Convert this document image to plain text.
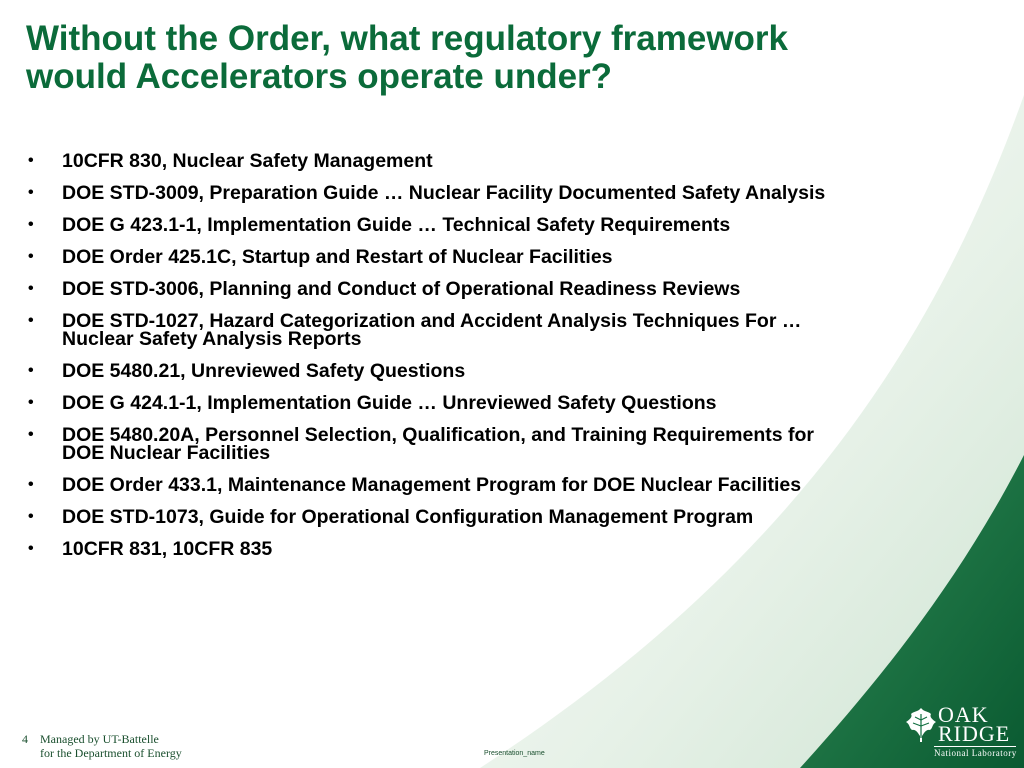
Without the Order, what regulatory framework
would Accelerators operate under?
• 10CFR 830, Nuclear Safety Management
• DOE STD-3009, Preparation Guide … Nuclear Facility Documented Safety Analysis
• DOE G 423.1-1, Implementation Guide … Technical Safety Requirements
• DOE Order 425.1C, Startup and Restart of Nuclear Facilities
• DOE STD-3006, Planning and Conduct of Operational Readiness Reviews
• DOE STD-1027, Hazard Categorization and Accident Analysis Techniques For …
Nuclear Safety Analysis Reports
• DOE 5480.21, Unreviewed Safety Questions
• DOE G 424.1-1, Implementation Guide … Unreviewed Safety Questions
• DOE 5480.20A, Personnel Selection, Qualification, and Training Requirements for
DOE Nuclear Facilities
• DOE Order 433.1, Maintenance Management Program for DOE Nuclear Facilities
• DOE STD-1073, Guide for Operational Configuration Management Program
• 10CFR 831, 10CFR 835
4 Managed by UT-Battelle
for the Department of Energy	Presentation_name
OAK
RIDGE
National Laboratory
